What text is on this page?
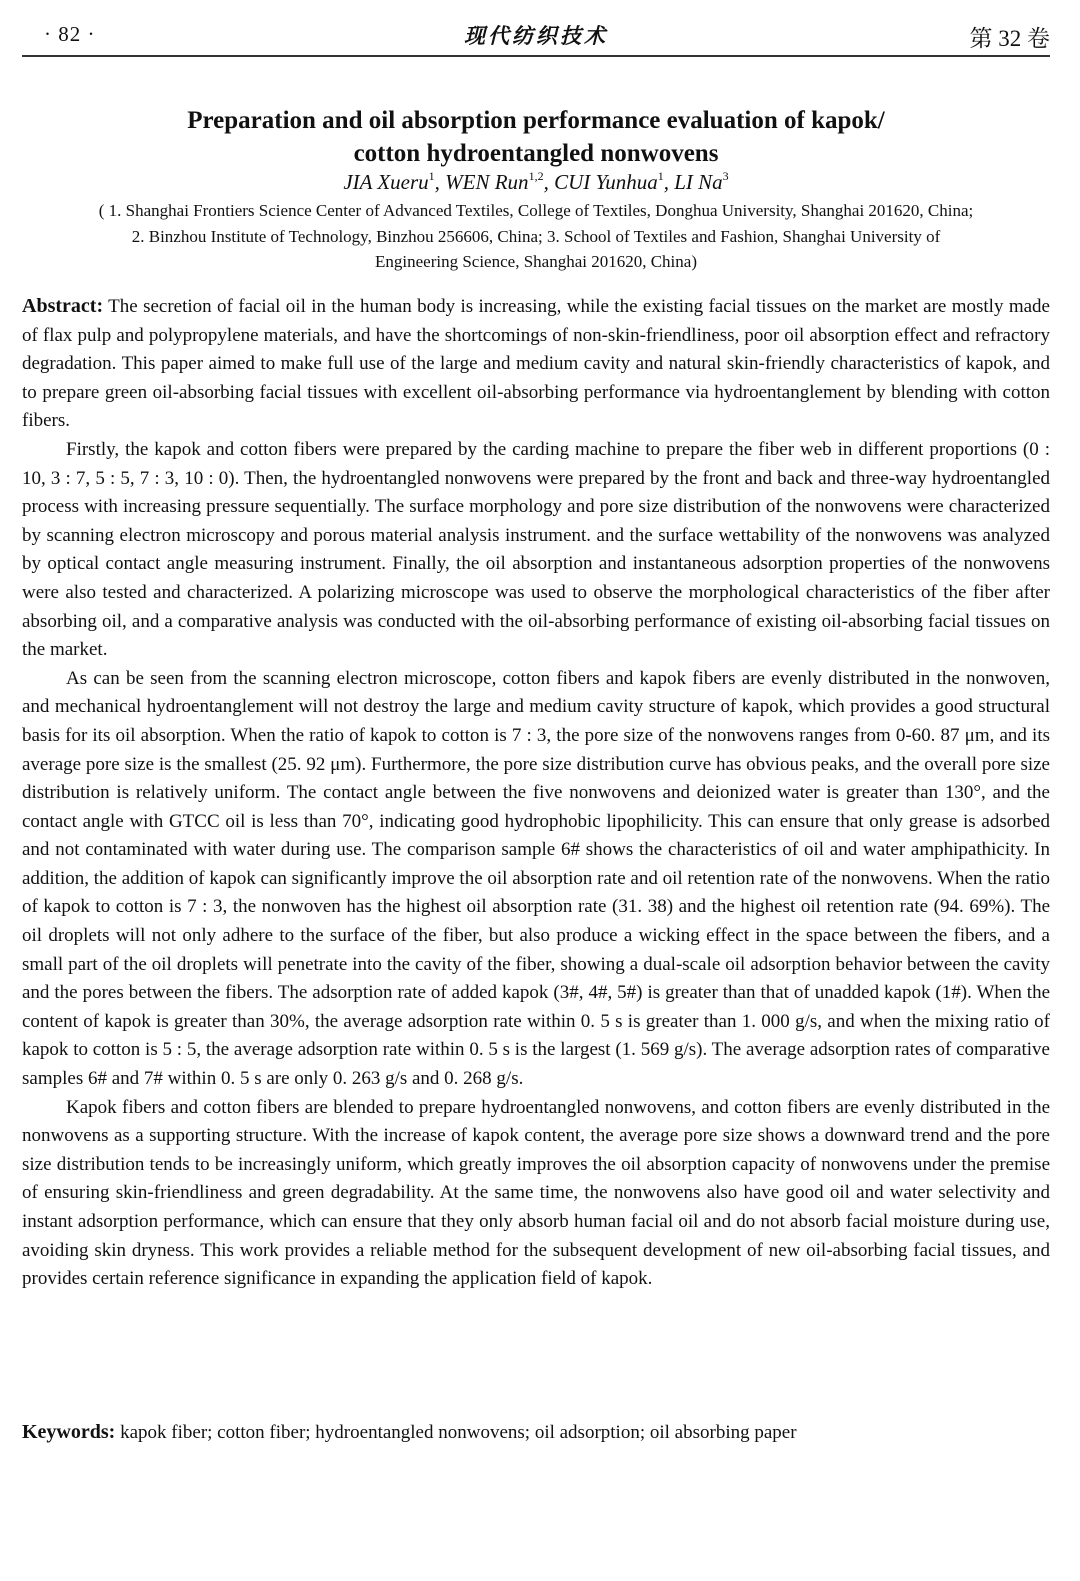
· 82 ·	现代纺织技术	第 32 卷
Preparation and oil absorption performance evaluation of kapok/
cotton hydroentangled nonwovens
JIA Xueru$^1$, WEN Run$^{1,2}$, CUI Yunhua$^1$, LI Na$^3$
( 1. Shanghai Frontiers Science Center of Advanced Textiles, College of Textiles, Donghua University, Shanghai 201620, China;
2. Binzhou Institute of Technology, Binzhou 256606, China; 3. School of Textiles and Fashion, Shanghai University of
Engineering Science, Shanghai 201620, China)

Abstract: The secretion of facial oil in the human body is increasing, while the existing facial tissues on the market are mostly made of flax pulp and polypropylene materials, and have the shortcomings of non-skin-friendliness, poor oil absorption effect and refractory degradation. This paper aimed to make full use of the large and medium cavity and natural skin-friendly characteristics of kapok, and to prepare green oil-absorbing facial tissues with excellent oil-absorbing performance via hydroentanglement by blending with cotton fibers.

Firstly, the kapok and cotton fibers were prepared by the carding machine to prepare the fiber web in different proportions (0 : 10, 3 : 7, 5 : 5, 7 : 3, 10 : 0). Then, the hydroentangled nonwovens were prepared by the front and back and three-way hydroentangled process with increasing pressure sequentially. The surface morphology and pore size distribution of the nonwovens were characterized by scanning electron microscopy and porous material analysis instrument. and the surface wettability of the nonwovens was analyzed by optical contact angle measuring instrument. Finally, the oil absorption and instantaneous adsorption properties of the nonwovens were also tested and characterized. A polarizing microscope was used to observe the morphological characteristics of the fiber after absorbing oil, and a comparative analysis was conducted with the oil-absorbing performance of existing oil-absorbing facial tissues on the market.

As can be seen from the scanning electron microscope, cotton fibers and kapok fibers are evenly distributed in the nonwoven, and mechanical hydroentanglement will not destroy the large and medium cavity structure of kapok, which provides a good structural basis for its oil absorption. When the ratio of kapok to cotton is 7 : 3, the pore size of the nonwovens ranges from 0-60. 87 μm, and its average pore size is the smallest (25. 92 μm). Furthermore, the pore size distribution curve has obvious peaks, and the overall pore size distribution is relatively uniform. The contact angle between the five nonwovens and deionized water is greater than 130°, and the contact angle with GTCC oil is less than 70°, indicating good hydrophobic lipophilicity. This can ensure that only grease is adsorbed and not contaminated with water during use. The comparison sample 6# shows the characteristics of oil and water amphipathicity. In addition, the addition of kapok can significantly improve the oil absorption rate and oil retention rate of the nonwovens. When the ratio of kapok to cotton is 7 : 3, the nonwoven has the highest oil absorption rate (31. 38) and the highest oil retention rate (94. 69%). The oil droplets will not only adhere to the surface of the fiber, but also produce a wicking effect in the space between the fibers, and a small part of the oil droplets will penetrate into the cavity of the fiber, showing a dual-scale oil adsorption behavior between the cavity and the pores between the fibers. The adsorption rate of added kapok (3#, 4#, 5#) is greater than that of unadded kapok (1#). When the content of kapok is greater than 30%, the average adsorption rate within 0. 5 s is greater than 1. 000 g/s, and when the mixing ratio of kapok to cotton is 5 : 5, the average adsorption rate within 0. 5 s is the largest (1. 569 g/s). The average adsorption rates of comparative samples 6# and 7# within 0. 5 s are only 0. 263 g/s and 0. 268 g/s.

Kapok fibers and cotton fibers are blended to prepare hydroentangled nonwovens, and cotton fibers are evenly distributed in the nonwovens as a supporting structure. With the increase of kapok content, the average pore size shows a downward trend and the pore size distribution tends to be increasingly uniform, which greatly improves the oil absorption capacity of nonwovens under the premise of ensuring skin-friendliness and green degradability. At the same time, the nonwovens also have good oil and water selectivity and instant adsorption performance, which can ensure that they only absorb human facial oil and do not absorb facial moisture during use, avoiding skin dryness. This work provides a reliable method for the subsequent development of new oil-absorbing facial tissues, and provides certain reference significance in expanding the application field of kapok.

Keywords: kapok fiber; cotton fiber; hydroentangled nonwovens; oil adsorption; oil absorbing paper
